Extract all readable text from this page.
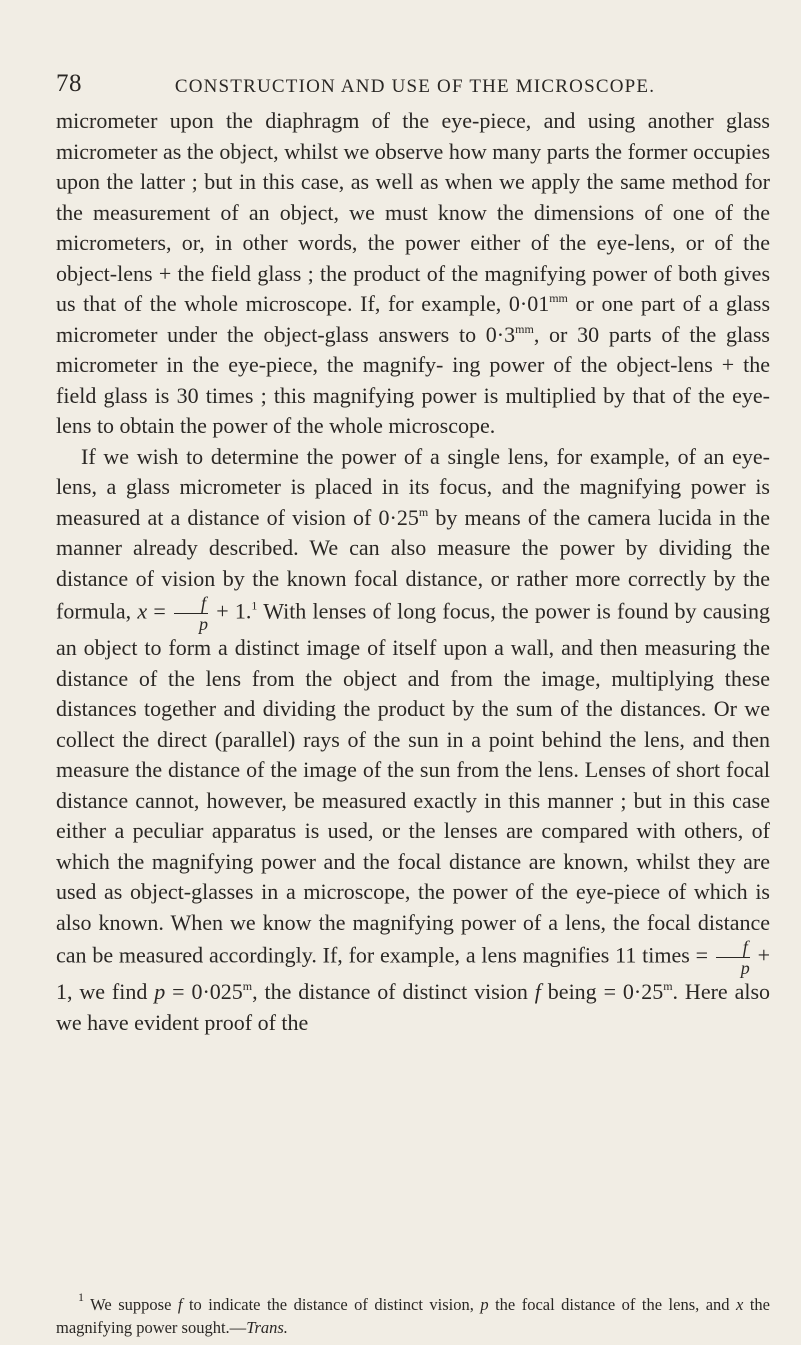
78	CONSTRUCTION AND USE OF THE MICROSCOPE.

micrometer upon the diaphragm of the eye-piece, and using another glass micrometer as the object, whilst we observe how many parts the former occupies upon the latter ; but in this case, as well as when we apply the same method for the measurement of an object, we must know the dimensions of one of the micrometers, or, in other words, the power either of the eye-lens, or of the object-lens + the field glass ; the product of the magnifying power of both gives us that of the whole microscope. If, for example, $0\cdot 01^{mm}$ or one part of a glass micrometer under the object-glass answers to $0\cdot 3^{mm}$, or 30 parts of the glass micrometer in the eye-piece, the magnify- ing power of the object-lens + the field glass is 30 times ; this magnifying power is multiplied by that of the eye-lens to obtain the power of the whole microscope.

If we wish to determine the power of a single lens, for example, of an eye-lens, a glass micrometer is placed in its focus, and the magnifying power is measured at a distance of vision of $0\cdot 25^m$ by means of the camera lucida in the manner already described. We can also measure the power by dividing the distance of vision by the known focal distance, or rather more correctly by the formula, $x = \frac{f}{p} + 1.^1$ With lenses of long focus, the power is found by causing an object to form a distinct image of itself upon a wall, and then measuring the distance of the lens from the object and from the image, multiplying these distances together and dividing the product by the sum of the distances. Or we collect the direct (parallel) rays of the sun in a point behind the lens, and then measure the distance of the image of the sun from the lens. Lenses of short focal distance cannot, however, be measured exactly in this manner ; but in this case either a peculiar apparatus is used, or the lenses are compared with others, of which the magnifying power and the focal distance are known, whilst they are used as object-glasses in a microscope, the power of the eye-piece of which is also known. When we know the magnifying power of a lens, the focal distance can be measured accordingly. If, for example, a lens magnifies 11 times = $\frac{f}{p} + 1$, we find $p = 0\cdot 025^m$, the distance of distinct vision f being = $0\cdot 25^m$. Here also we have evident proof of the

$^1$ We suppose f to indicate the distance of distinct vision, p the focal distance of the lens, and x the magnifying power sought.—Trans.
